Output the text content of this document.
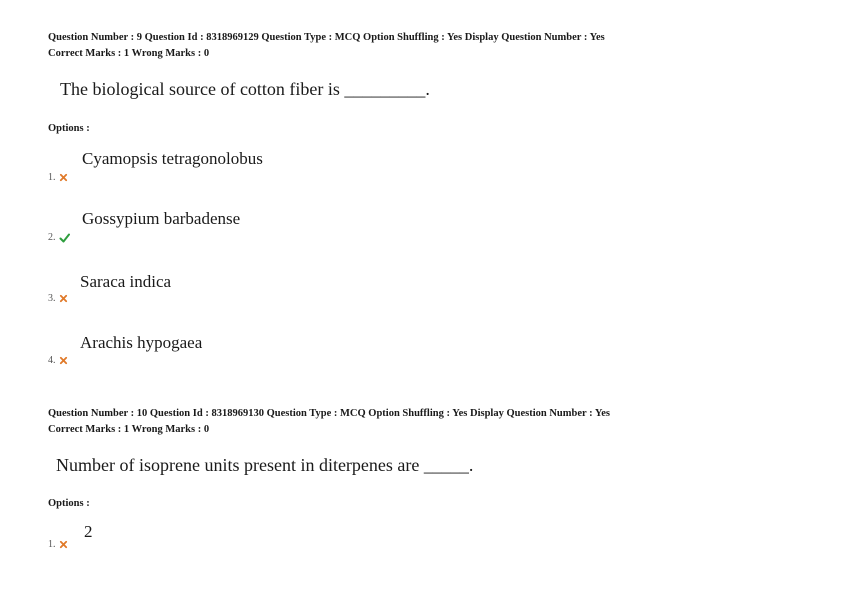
Question Number : 9 Question Id : 8318969129 Question Type : MCQ Option Shuffling : Yes Display Question Number : Yes
Correct Marks : 1 Wrong Marks : 0
The biological source of cotton fiber is _________.
Options :
Cyamopsis tetragonolobus
1.
Gossypium barbadense
2.
Saraca indica
3.
Arachis hypogaea
4.
Question Number : 10 Question Id : 8318969130 Question Type : MCQ Option Shuffling : Yes Display Question Number : Yes
Correct Marks : 1 Wrong Marks : 0
Number of isoprene units present in diterpenes are _____.
Options :
2
1.
